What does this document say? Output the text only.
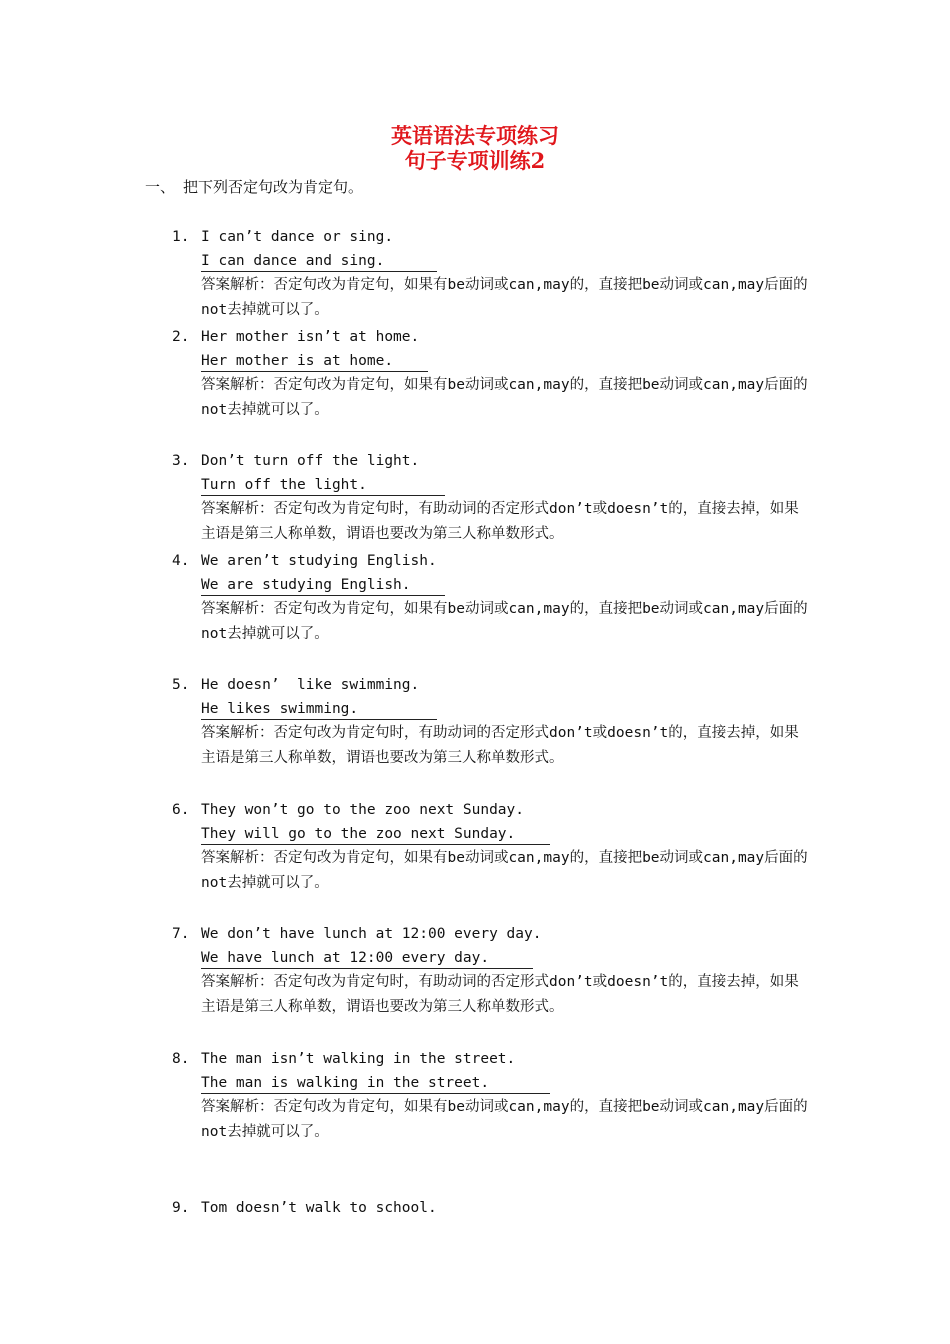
英语语法专项练习
句子专项训练2
一、 把下列否定句改为肯定句。
1. I can’t dance or sing.
I can dance and sing.
答案解析：否定句改为肯定句，如果有be动词或can,may的，直接把be动词或can,may后面的not去掉就可以了。
2. Her mother isn’t at home.
Her mother is at home.
答案解析：否定句改为肯定句，如果有be动词或can,may的，直接把be动词或can,may后面的not去掉就可以了。
3. Don’t turn off the light.
Turn off the light.
答案解析：否定句改为肯定句时，有助动词的否定形式don’t或doesn’t的，直接去掉，如果主语是第三人称单数，谓语也要改为第三人称单数形式。
4. We aren’t studying English.
We are studying English.
答案解析：否定句改为肯定句，如果有be动词或can,may的，直接把be动词或can,may后面的not去掉就可以了。
5. He doesn’  like swimming.
He likes swimming.
答案解析：否定句改为肯定句时，有助动词的否定形式don’t或doesn’t的，直接去掉，如果主语是第三人称单数，谓语也要改为第三人称单数形式。
6. They won’t go to the zoo next Sunday.
They will go to the zoo next Sunday.
答案解析：否定句改为肯定句，如果有be动词或can,may的，直接把be动词或can,may后面的not去掉就可以了。
7. We don’t have lunch at 12:00 every day.
We have lunch at 12:00 every day.
答案解析：否定句改为肯定句时，有助动词的否定形式don’t或doesn’t的，直接去掉，如果主语是第三人称单数，谓语也要改为第三人称单数形式。
8. The man isn’t walking in the street.
The man is walking in the street.
答案解析：否定句改为肯定句，如果有be动词或can,may的，直接把be动词或can,may后面的not去掉就可以了。
9. Tom doesn’t walk to school.
